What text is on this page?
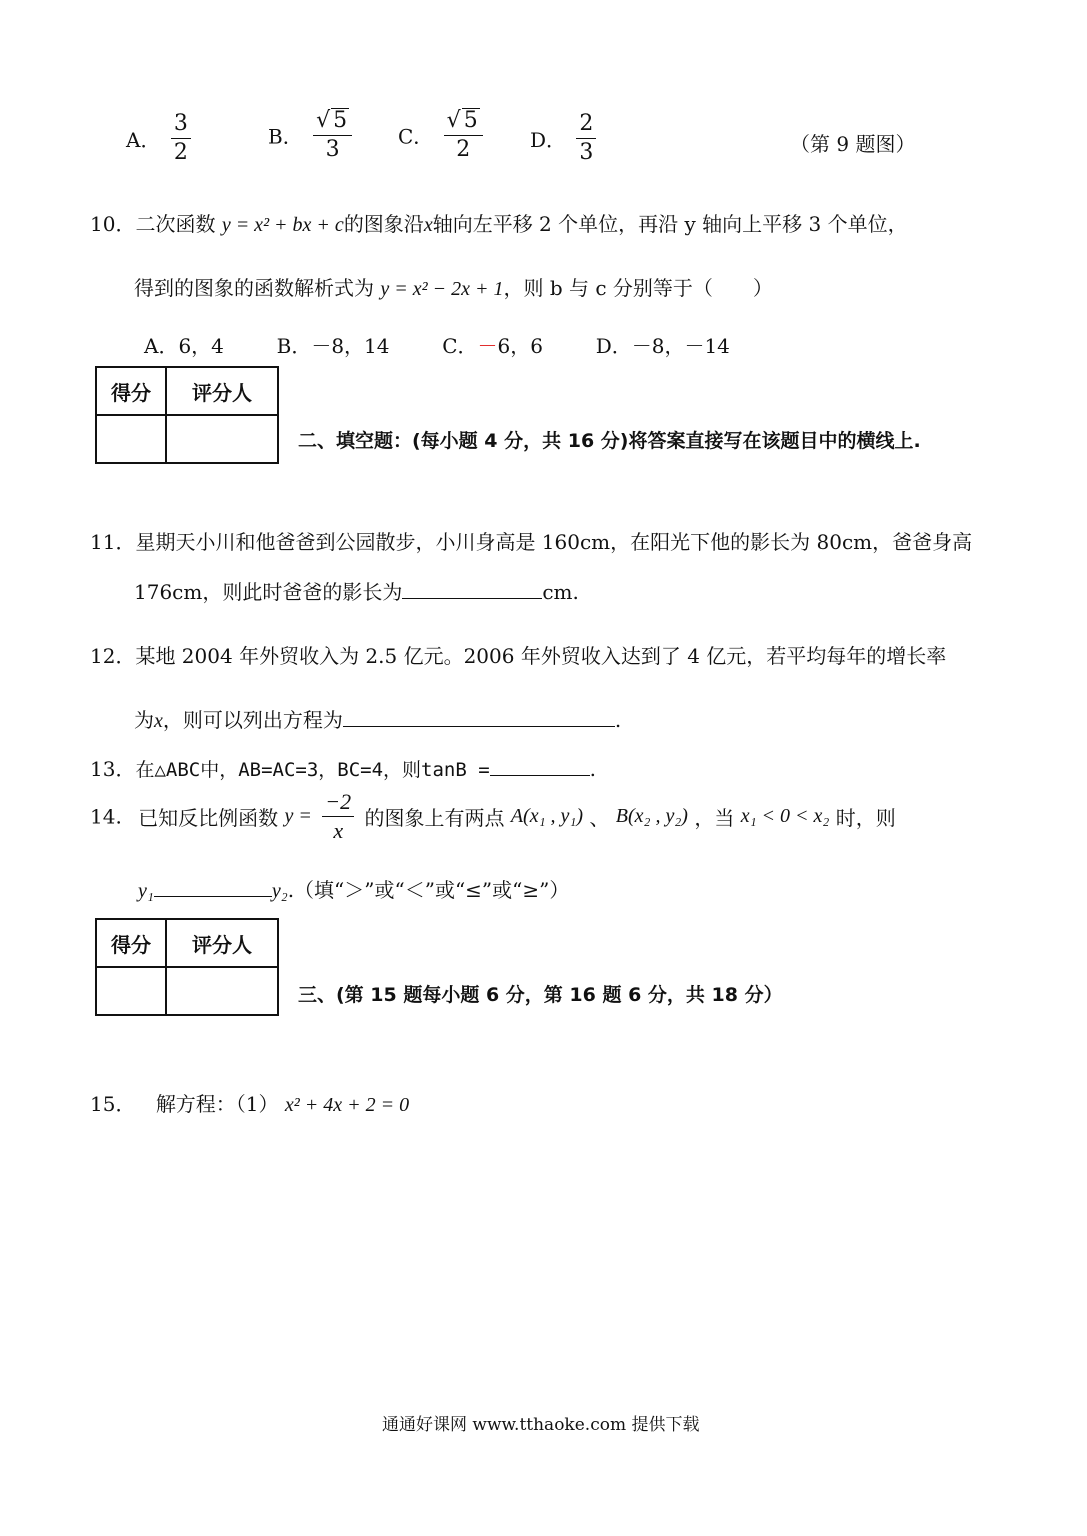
A． $\frac{3}{2}$	B． $\frac{√ 5}{3}$ C． $\frac{√ 5}{2}$ D． $\frac{2}{3}$	（第 9 题图）
10．二次函数 y = x² + bx + c的图象沿x轴向左平移 2 个单位，再沿 y 轴向上平移 3 个单位，
得到的图象的函数解析式为 y = x² − 2x + 1，则 b 与 c 分别等于（　　）
A．6，4	B．－8，14	C．－6，6	D．－8，－14
得分	评分人

二、填空题：(每小题 4 分，共 16 分)将答案直接写在该题目中的横线上.
11．星期天小川和他爸爸到公园散步，小川身高是 160cm，在阳光下他的影长为 80cm，爸爸身高
176cm，则此时爸爸的影长为	cm.
12．某地 2004 年外贸收入为 2.5 亿元。2006 年外贸收入达到了 4 亿元，若平均每年的增长率
为x，则可以列出方程为	.
13．在△ABC中，AB=AC=3，BC=4，则tanB =	.
14. 已知反比例函数 $y = \frac{-2}{x}$ 的图象上有两点 A(x₁ , y₁) 、 B(x₂ , y₂) ，当 x₁ < 0 < x₂ 时，则
y₁	y₂.（填“＞”或“＜”或“≤”或“≥”）
得分	评分人

三、(第 15 题每小题 6 分，第 16 题 6 分，共 18 分）
15． 解方程：（1） x² + 4x + 2 = 0
通通好课网 www.tthaoke.com 提供下载
